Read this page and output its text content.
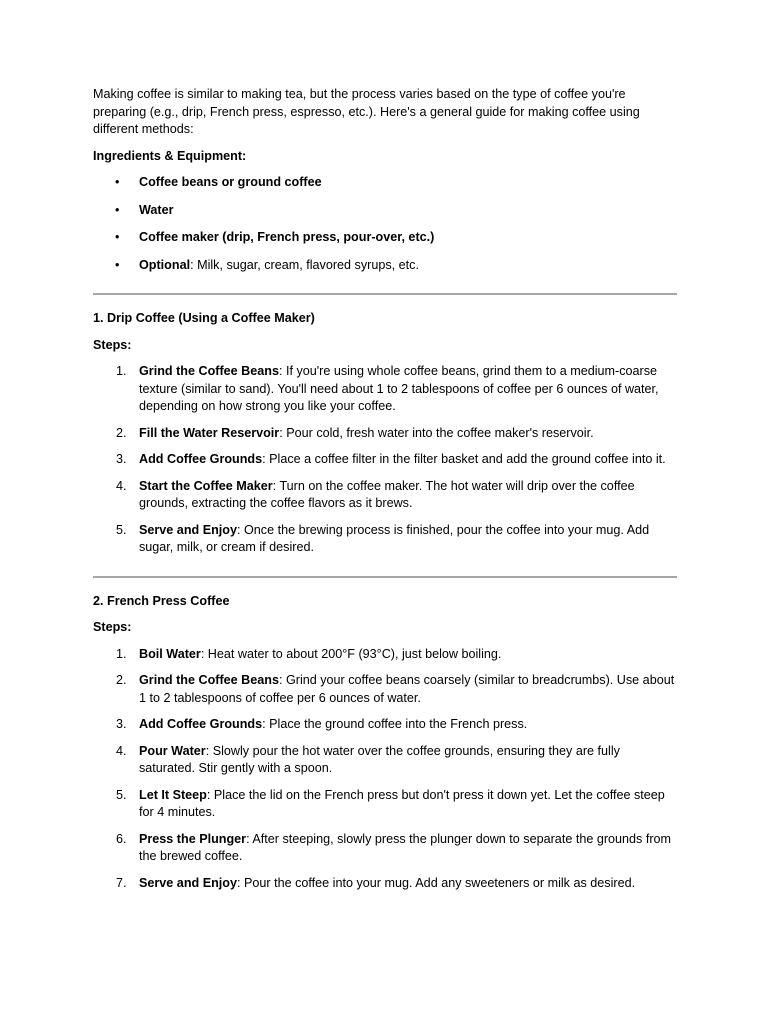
Making coffee is similar to making tea, but the process varies based on the type of coffee you're preparing (e.g., drip, French press, espresso, etc.). Here's a general guide for making coffee using different methods:

Ingredients & Equipment:

• Coffee beans or ground coffee
• Water
• Coffee maker (drip, French press, pour-over, etc.)
• Optional: Milk, sugar, cream, flavored syrups, etc.

1. Drip Coffee (Using a Coffee Maker)

Steps:

1. Grind the Coffee Beans: If you're using whole coffee beans, grind them to a medium-coarse texture (similar to sand). You'll need about 1 to 2 tablespoons of coffee per 6 ounces of water, depending on how strong you like your coffee.
2. Fill the Water Reservoir: Pour cold, fresh water into the coffee maker's reservoir.
3. Add Coffee Grounds: Place a coffee filter in the filter basket and add the ground coffee into it.
4. Start the Coffee Maker: Turn on the coffee maker. The hot water will drip over the coffee grounds, extracting the coffee flavors as it brews.
5. Serve and Enjoy: Once the brewing process is finished, pour the coffee into your mug. Add sugar, milk, or cream if desired.

2. French Press Coffee

Steps:

1. Boil Water: Heat water to about 200°F (93°C), just below boiling.
2. Grind the Coffee Beans: Grind your coffee beans coarsely (similar to breadcrumbs). Use about 1 to 2 tablespoons of coffee per 6 ounces of water.
3. Add Coffee Grounds: Place the ground coffee into the French press.
4. Pour Water: Slowly pour the hot water over the coffee grounds, ensuring they are fully saturated. Stir gently with a spoon.
5. Let It Steep: Place the lid on the French press but don't press it down yet. Let the coffee steep for 4 minutes.
6. Press the Plunger: After steeping, slowly press the plunger down to separate the grounds from the brewed coffee.
7. Serve and Enjoy: Pour the coffee into your mug. Add any sweeteners or milk as desired.
